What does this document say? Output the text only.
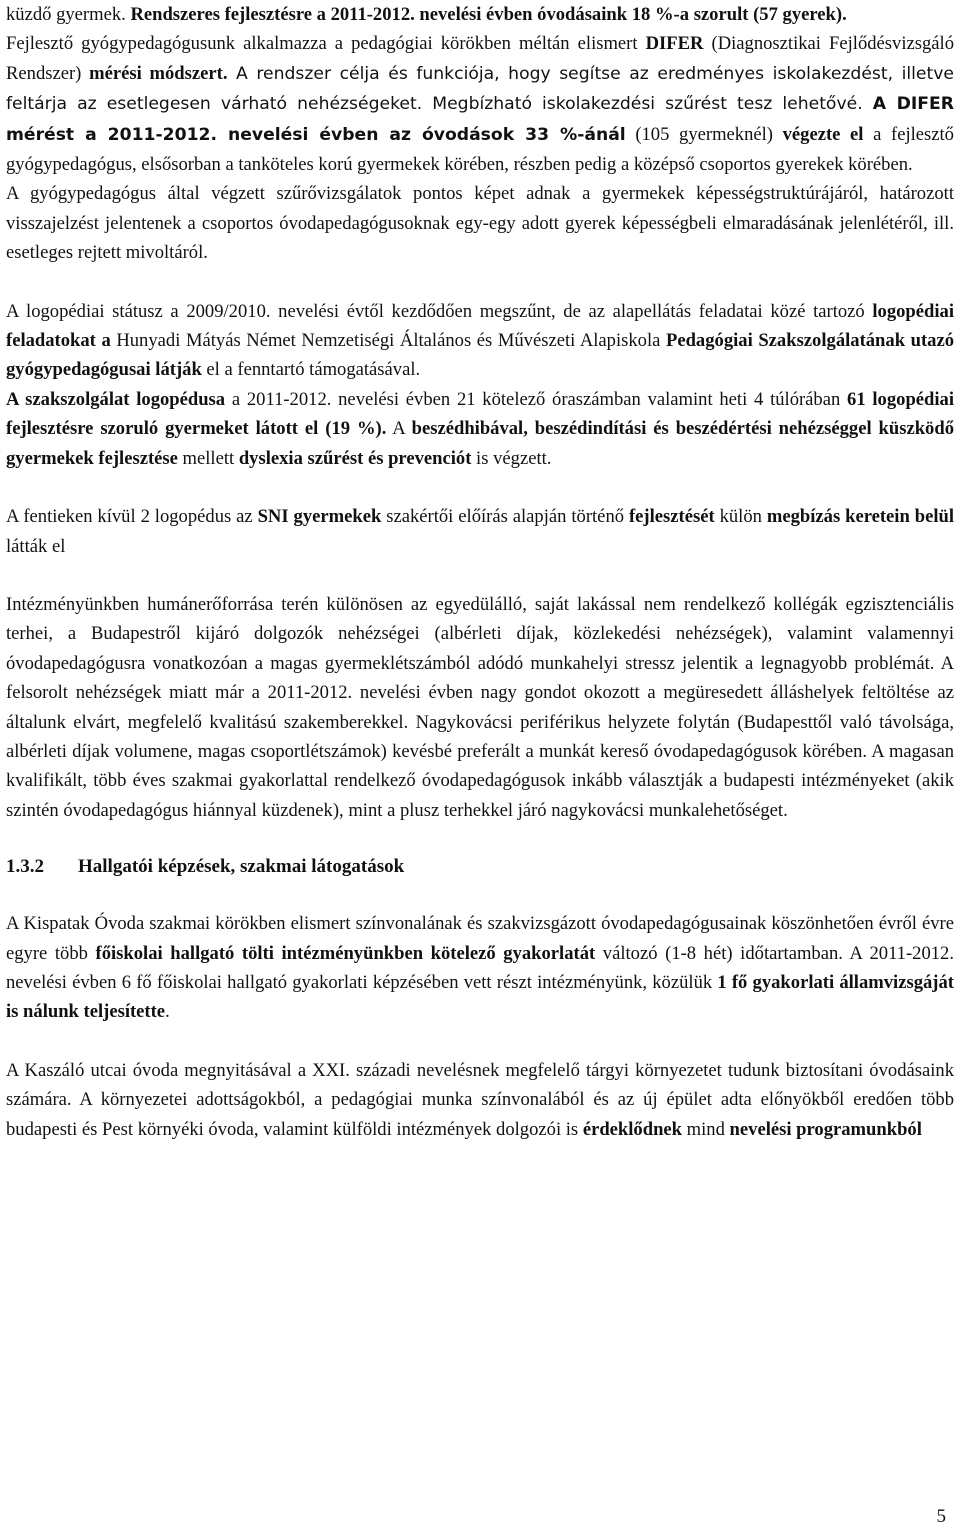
küzdő gyermek. Rendszeres fejlesztésre a 2011-2012. nevelési évben óvodásaink 18 %-a szorult (57 gyerek).
Fejlesztő gyógypedagógusunk alkalmazza a pedagógiai körökben méltán elismert DIFER (Diagnosztikai Fejlődésvizsgáló Rendszer) mérési módszert. A rendszer célja és funkciója, hogy segítse az eredményes iskolakezdést, illetve feltárja az esetlegesen várható nehézségeket. Megbízható iskolakezdési szűrést tesz lehetővé. A DIFER mérést a 2011-2012. nevelési évben az óvodások 33 %-ánál (105 gyermeknél) végezte el a fejlesztő gyógypedagógus, elsősorban a tanköteles korú gyermekek körében, részben pedig a középső csoportos gyerekek körében.

A gyógypedagógus által végzett szűrővizsgálatok pontos képet adnak a gyermekek képességstruktúrájáról, határozott visszajelzést jelentenek a csoportos óvodapedagógusoknak egy-egy adott gyerek képességbeli elmaradásának jelenlétéről, ill. esetleges rejtett mivoltáról.

A logopédiai státusz a 2009/2010. nevelési évtől kezdődően megszűnt, de az alapellátás feladatai közé tartozó logopédiai feladatokat a Hunyadi Mátyás Német Nemzetiségi Általános és Művészeti Alapiskola Pedagógiai Szakszolgálatának utazó gyógypedagógusai látják el a fenntartó támogatásával.

A szakszolgálat logopédusa a 2011-2012. nevelési évben 21 kötelező óraszámban valamint heti 4 túlórában 61 logopédiai fejlesztésre szoruló gyermeket látott el (19 %). A beszédhibával, beszédindítási és beszédértési nehézséggel küszködő gyermekek fejlesztése mellett dyslexia szűrést és prevenciót is végzett.

A fentieken kívül 2 logopédus az SNI gyermekek szakértői előírás alapján történő fejlesztését külön megbízás keretein belül látták el

Intézményünkben humánerőforrása terén különösen az egyedülálló, saját lakással nem rendelkező kollégák egzisztenciális terhei, a Budapestről kijáró dolgozók nehézségei (albérleti díjak, közlekedési nehézségek), valamint valamennyi óvodapedagógusra vonatkozóan a magas gyermeklétszámból adódó munkahelyi stressz jelentik a legnagyobb problémát. A felsorolt nehézségek miatt már a 2011-2012. nevelési évben nagy gondot okozott a megüresedett álláshelyek feltöltése az általunk elvárt, megfelelő kvalitású szakemberekkel. Nagykovácsi periférikus helyzete folytán (Budapesttől való távolsága, albérleti díjak volumene, magas csoportlétszámok) kevésbé preferált a munkát kereső óvodapedagógusok körében. A magasan kvalifikált, több éves szakmai gyakorlattal rendelkező óvodapedagógusok inkább választják a budapesti intézményeket (akik szintén óvodapedagógus hiánnyal küzdenek), mint a plusz terhekkel járó nagykovácsi munkalehetőséget.

1.3.2 Hallgatói képzések, szakmai látogatások

A Kispatak Óvoda szakmai körökben elismert színvonalának és szakvizsgázott óvodapedagógusainak köszönhetően évről évre egyre több főiskolai hallgató tölti intézményünkben kötelező gyakorlatát változó (1-8 hét) időtartamban. A 2011-2012. nevelési évben 6 fő főiskolai hallgató gyakorlati képzésében vett részt intézményünk, közülük 1 fő gyakorlati államvizsgáját is nálunk teljesítette.

A Kaszáló utcai óvoda megnyitásával a XXI. századi nevelésnek megfelelő tárgyi környezetet tudunk biztosítani óvodásaink számára. A környezetei adottságokból, a pedagógiai munka színvonalából és az új épület adta előnyökből eredően több budapesti és Pest környéki óvoda, valamint külföldi intézmények dolgozói is érdeklődnek mind nevelési programunkból

5
